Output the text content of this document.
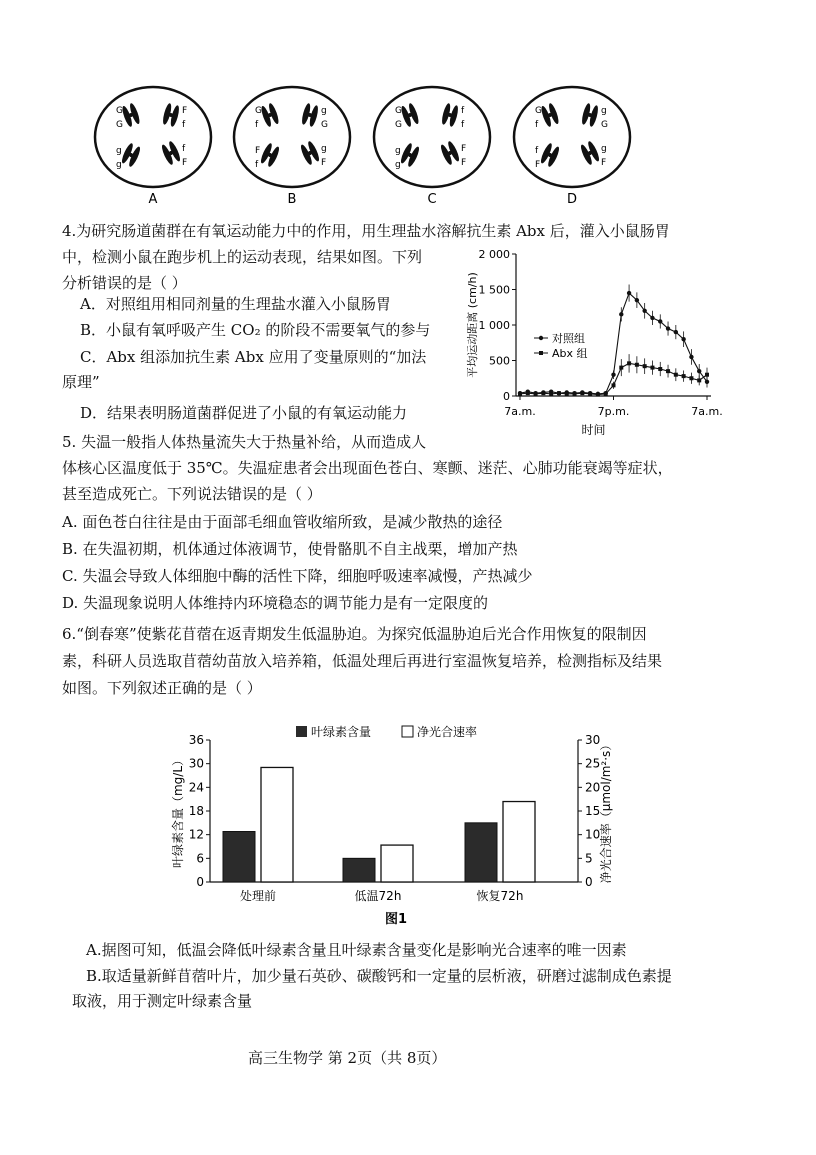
G
G
F
f
g
g
f
F
A
G
f
g
G
F
f
g
F
B
G
G
f
f
g
g
F
F
C
G
f
g
G
f
F
g
F
D
4.为研究肠道菌群在有氧运动能力中的作用，用生理盐水溶解抗生素 Abx 后，灌入小鼠肠胃
中，检测小鼠在跑步机上的运动表现，结果如图。下列
分析错误的是（ ）
A．对照组用相同剂量的生理盐水灌入小鼠肠胃
B．小鼠有氧呼吸产生 CO₂ 的阶段不需要氧气的参与
C．Abx 组添加抗生素 Abx 应用了变量原则的“加法
原理”
D．结果表明肠道菌群促进了小鼠的有氧运动能力
0
500
1 000
1 500
2 000
7a.m.	7p.m.	7a.m.
时间
平均运动距离 (cm/h)	对照组
Abx 组
5. 失温一般指人体热量流失大于热量补给，从而造成人
体核心区温度低于 35℃。失温症患者会出现面色苍白、寒颤、迷茫、心肺功能衰竭等症状，
甚至造成死亡。下列说法错误的是（ ）
A. 面色苍白往往是由于面部毛细血管收缩所致，是减少散热的途径
B. 在失温初期，机体通过体液调节，使骨骼肌不自主战栗，增加产热
C. 失温会导致人体细胞中酶的活性下降，细胞呼吸速率减慢，产热减少
D. 失温现象说明人体维持内环境稳态的调节能力是有一定限度的
6.“倒春寒”使紫花苜蓿在返青期发生低温胁迫。为探究低温胁迫后光合作用恢复的限制因
素，科研人员选取苜蓿幼苗放入培养箱，低温处理后再进行室温恢复培养，检测指标及结果
如图。下列叙述正确的是（ ）
0
6
12
18
24
30
36
0
5
10
15
20
25
30
叶绿素含量（mg/L）	净光合速率（μmol/m²·s）
处理前	低温72h	恢复72h
叶绿素含量	净光合速率
图1
A.据图可知，低温会降低叶绿素含量且叶绿素含量变化是影响光合速率的唯一因素
B.取适量新鲜苜蓿叶片，加少量石英砂、碳酸钙和一定量的层析液，研磨过滤制成色素提
取液，用于测定叶绿素含量
高三生物学 第 2页（共 8页）
